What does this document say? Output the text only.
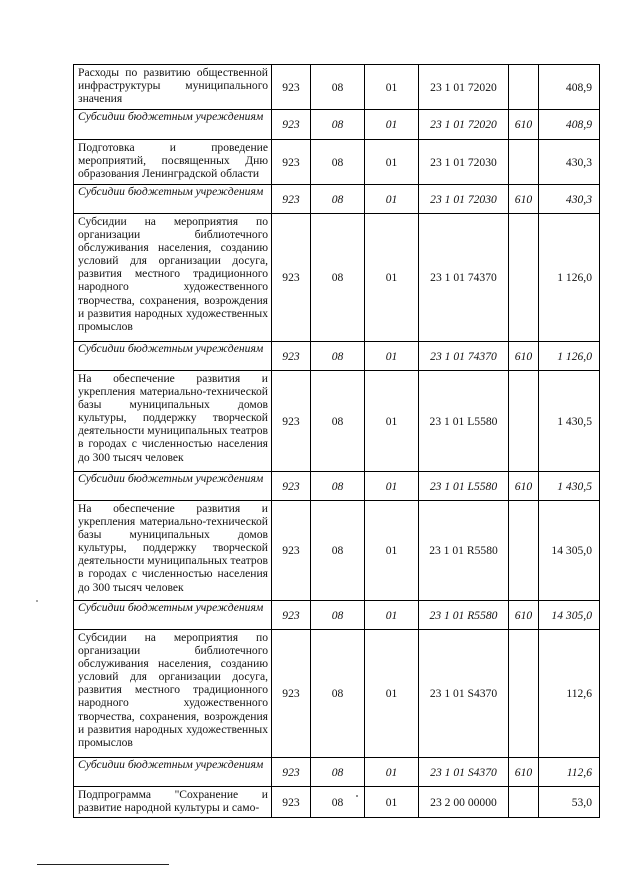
Расходы по развитию общественной инфраструктуры муниципального значения	923	08	01	23 1 01 72020		408,9
Субсидии бюджетным учреждениям	923	08	01	23 1 01 72020	610	408,9
Подготовка и проведение мероприятий, посвященных Дню образования Ленинградской области	923	08	01	23 1 01 72030		430,3
Субсидии бюджетным учреждениям	923	08	01	23 1 01 72030	610	430,3
Субсидии на мероприятия по организации библиотечного обслуживания населения, созданию условий для организации досуга, развития местного традиционного народного художественного творчества, сохранения, возрождения и развития народных художественных промыслов	923	08	01	23 1 01 74370		1 126,0
Субсидии бюджетным учреждениям	923	08	01	23 1 01 74370	610	1 126,0
На обеспечение развития и укрепления материально-технической базы муниципальных домов культуры, поддержку творческой деятельности муниципальных театров в городах с численностью населения до 300 тысяч человек	923	08	01	23 1 01 L5580		1 430,5
Субсидии бюджетным учреждениям	923	08	01	23 1 01 L5580	610	1 430,5
На обеспечение развития и укрепления материально-технической базы муниципальных домов культуры, поддержку творческой деятельности муниципальных театров в городах с численностью населения до 300 тысяч человек	923	08	01	23 1 01 R5580		14 305,0
Субсидии бюджетным учреждениям	923	08	01	23 1 01 R5580	610	14 305,0
Субсидии на мероприятия по организации библиотечного обслуживания населения, созданию условий для организации досуга, развития местного традиционного народного художественного творчества, сохранения, возрождения и развития народных художественных промыслов	923	08	01	23 1 01 S4370		112,6
Субсидии бюджетным учреждениям	923	08	01	23 1 01 S4370	610	112,6
Подпрограмма "Сохранение и развитие народной культуры и само-	923	08	01	23 2 00 00000		53,0
